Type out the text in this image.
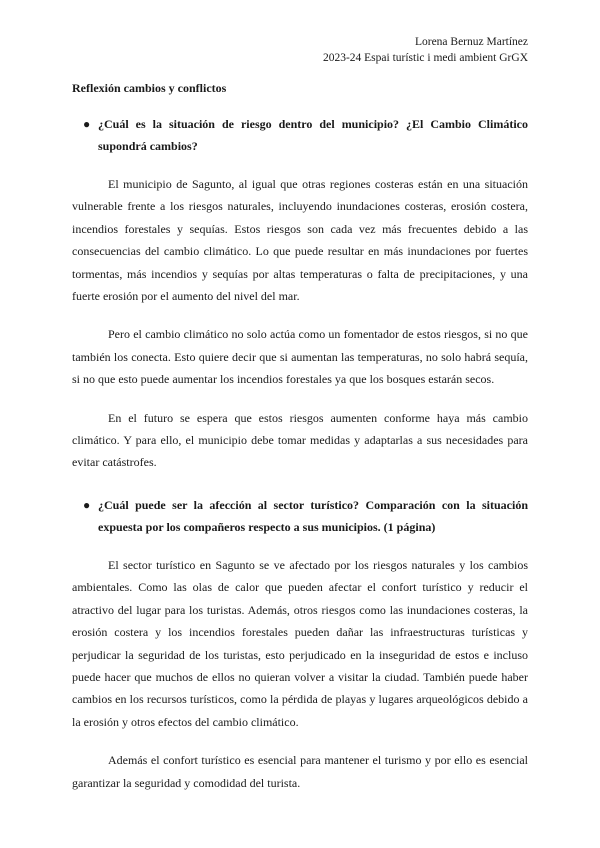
Lorena Bernuz Martínez
2023-24 Espai turístic i medi ambient GrGX
Reflexión cambios y conflictos
● ¿Cuál es la situación de riesgo dentro del municipio? ¿El Cambio Climático supondrá cambios?

El municipio de Sagunto, al igual que otras regiones costeras están en una situación vulnerable frente a los riesgos naturales, incluyendo inundaciones costeras, erosión costera, incendios forestales y sequías. Estos riesgos son cada vez más frecuentes debido a las consecuencias del cambio climático. Lo que puede resultar en más inundaciones por fuertes tormentas, más incendios y sequías por altas temperaturas o falta de precipitaciones, y una fuerte erosión por el aumento del nivel del mar.

Pero el cambio climático no solo actúa como un fomentador de estos riesgos, si no que también los conecta. Esto quiere decir que si aumentan las temperaturas, no solo habrá sequía, si no que esto puede aumentar los incendios forestales ya que los bosques estarán secos.

En el futuro se espera que estos riesgos aumenten conforme haya más cambio climático. Y para ello, el municipio debe tomar medidas y adaptarlas a sus necesidades para evitar catástrofes.

● ¿Cuál puede ser la afección al sector turístico? Comparación con la situación expuesta por los compañeros respecto a sus municipios. (1 página)

El sector turístico en Sagunto se ve afectado por los riesgos naturales y los cambios ambientales. Como las olas de calor que pueden afectar el confort turístico y reducir el atractivo del lugar para los turistas. Además, otros riesgos como las inundaciones costeras, la erosión costera y los incendios forestales pueden dañar las infraestructuras turísticas y perjudicar la seguridad de los turistas, esto perjudicado en la inseguridad de estos e incluso puede hacer que muchos de ellos no quieran volver a visitar la ciudad. También puede haber cambios en los recursos turísticos, como la pérdida de playas y lugares arqueológicos debido a la erosión y otros efectos del cambio climático.

Además el confort turístico es esencial para mantener el turismo y por ello es esencial garantizar la seguridad y comodidad del turista.
